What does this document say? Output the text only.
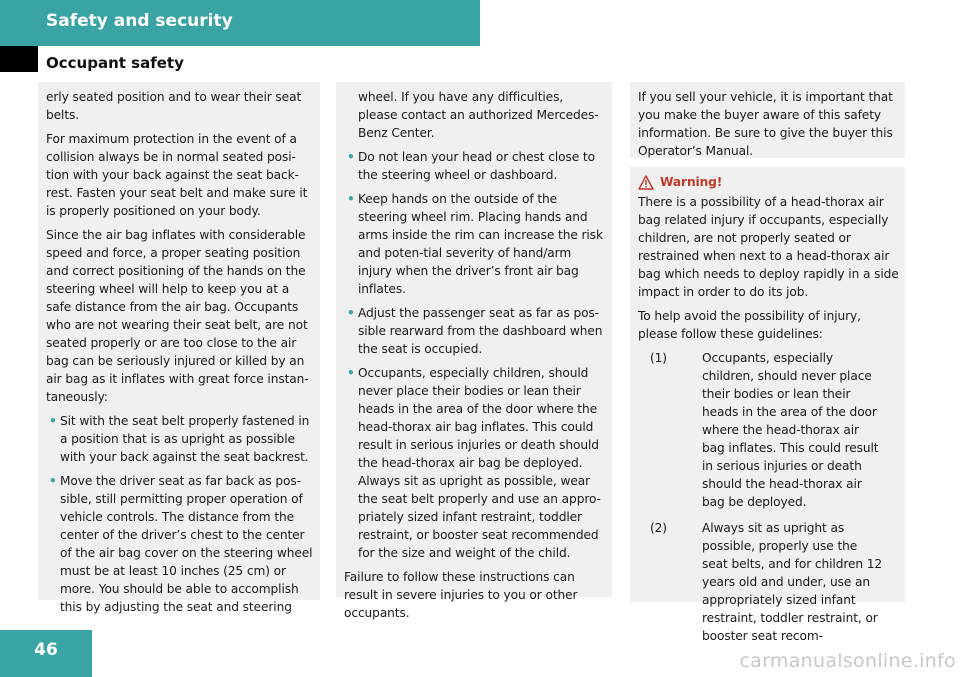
Safety and security
Occupant safety

erly seated position and to wear their seat belts.

For maximum protection in the event of a collision always be in normal seated posi-tion with your back against the seat back-rest. Fasten your seat belt and make sure it is properly positioned on your body.

Since the air bag inflates with considerable speed and force, a proper seating position and correct positioning of the hands on the steering wheel will help to keep you at a safe distance from the air bag. Occupants who are not wearing their seat belt, are not seated properly or are too close to the air bag can be seriously injured or killed by an air bag as it inflates with great force instan-taneously:

• Sit with the seat belt properly fastened in a position that is as upright as possible with your back against the seat backrest.
• Move the driver seat as far back as pos-sible, still permitting proper operation of vehicle controls. The distance from the center of the driver’s chest to the center of the air bag cover on the steering wheel must be at least 10 inches (25 cm) or more. You should be able to accomplish this by adjusting the seat and steering
wheel. If you have any difficulties, please contact an authorized Mercedes-Benz Center.
• Do not lean your head or chest close to the steering wheel or dashboard.
• Keep hands on the outside of the steering wheel rim. Placing hands and arms inside the rim can increase the risk and poten-tial severity of hand/arm injury when the driver’s front air bag inflates.
• Adjust the passenger seat as far as pos-sible rearward from the dashboard when the seat is occupied.
• Occupants, especially children, should never place their bodies or lean their heads in the area of the door where the head-thorax air bag inflates. This could result in serious injuries or death should the head-thorax air bag be deployed. Always sit as upright as possible, wear the seat belt properly and use an appro-priately sized infant restraint, toddler restraint, or booster seat recommended for the size and weight of the child.

Failure to follow these instructions can result in severe injuries to you or other occupants.

If you sell your vehicle, it is important that you make the buyer aware of this safety information. Be sure to give the buyer this Operator’s Manual.

Warning!

There is a possibility of a head-thorax air bag related injury if occupants, especially children, are not properly seated or restrained when next to a head-thorax air bag which needs to deploy rapidly in a side impact in order to do its job.

To help avoid the possibility of injury, please follow these guidelines:

(1)	Occupants, especially children, should never place their bodies or lean their heads in the area of the door where the head-thorax air bag inflates. This could result in serious injuries or death should the head-thorax air bag be deployed.
(2)	Always sit as upright as possible, properly use the seat belts, and for children 12 years old and under, use an appropriately sized infant restraint, toddler restraint, or booster seat recom-
46	carmanualsonline.info
